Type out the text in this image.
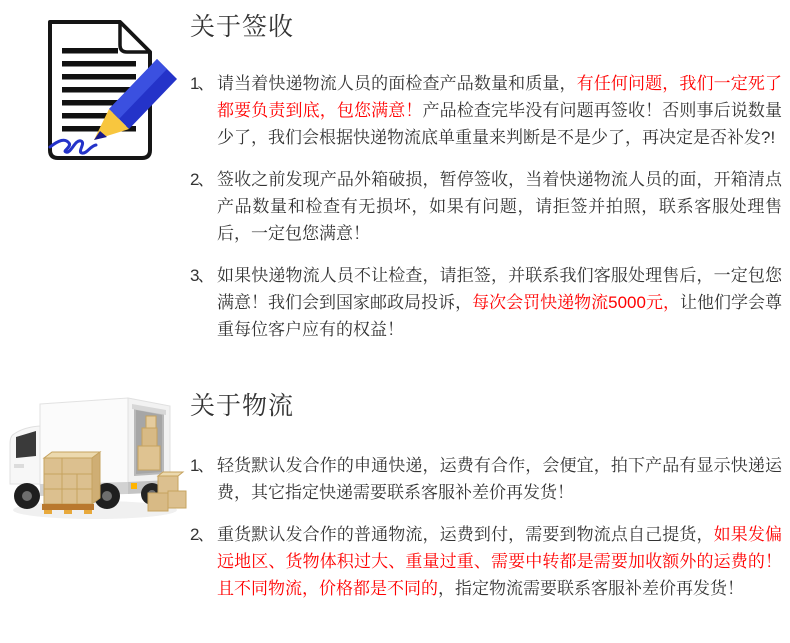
关于签收
1、 请当着快递物流人员的面检查产品数量和质量，有任何问题，我们一定死了都要负责到底，包您满意！产品检查完毕没有问题再签收！否则事后说数量少了，我们会根据快递物流底单重量来判断是不是少了，再决定是否补发?!

2、 签收之前发现产品外箱破损，暂停签收，当着快递物流人员的面，开箱清点产品数量和检查有无损坏，如果有问题，请拒签并拍照，联系客服处理售后，一定包您满意！

3、 如果快递物流人员不让检查，请拒签，并联系我们客服处理售后，一定包您满意！我们会到国家邮政局投诉，每次会罚快递物流5000元，让他们学会尊重每位客户应有的权益！

关于物流
1、 轻货默认发合作的申通快递，运费有合作，会便宜，拍下产品有显示快递运费，其它指定快递需要联系客服补差价再发货！

2、 重货默认发合作的普通物流，运费到付，需要到物流点自己提货，如果发偏远地区、货物体积过大、重量过重、需要中转都是需要加收额外的运费的！且不同物流，价格都是不同的，指定物流需要联系客服补差价再发货！
